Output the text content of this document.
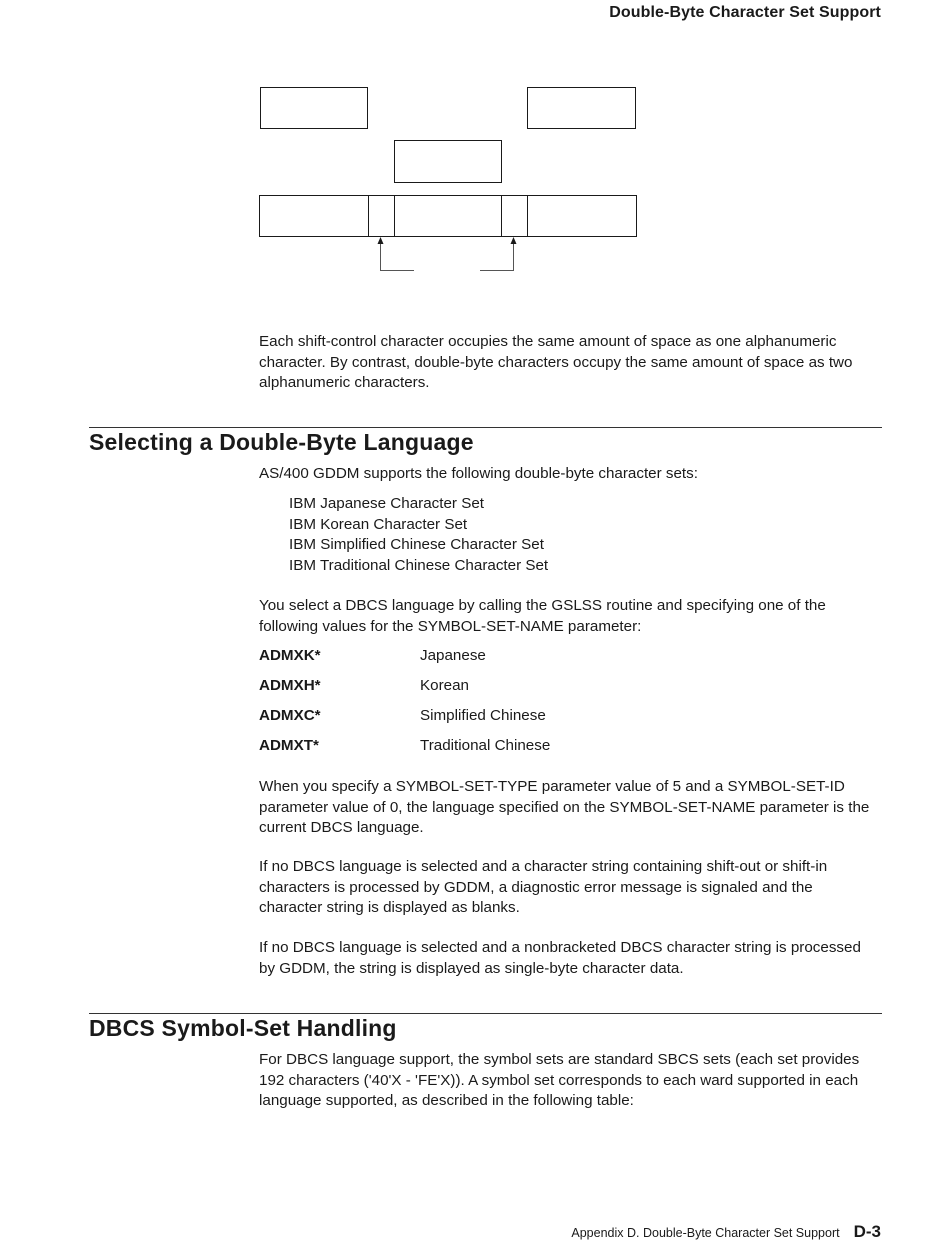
Double-Byte Character Set Support

Each shift-control character occupies the same amount of space as one alphanumeric character. By contrast, double-byte characters occupy the same amount of space as two alphanumeric characters.

Selecting a Double-Byte Language

AS/400 GDDM supports the following double-byte character sets:

IBM Japanese Character Set
IBM Korean Character Set
IBM Simplified Chinese Character Set
IBM Traditional Chinese Character Set

You select a DBCS language by calling the GSLSS routine and specifying one of the following values for the SYMBOL-SET-NAME parameter:

ADMXK*	Japanese
ADMXH*	Korean
ADMXC*	Simplified Chinese
ADMXT*	Traditional Chinese

When you specify a SYMBOL-SET-TYPE parameter value of 5 and a SYMBOL-SET-ID parameter value of 0, the language specified on the SYMBOL-SET-NAME parameter is the current DBCS language.

If no DBCS language is selected and a character string containing shift-out or shift-in characters is processed by GDDM, a diagnostic error message is signaled and the character string is displayed as blanks.

If no DBCS language is selected and a nonbracketed DBCS character string is processed by GDDM, the string is displayed as single-byte character data.

DBCS Symbol-Set Handling

For DBCS language support, the symbol sets are standard SBCS sets (each set provides 192 characters ('40'X - 'FE'X)). A symbol set corresponds to each ward supported in each language supported, as described in the following table:

Appendix D. Double-Byte Character Set Support D-3
